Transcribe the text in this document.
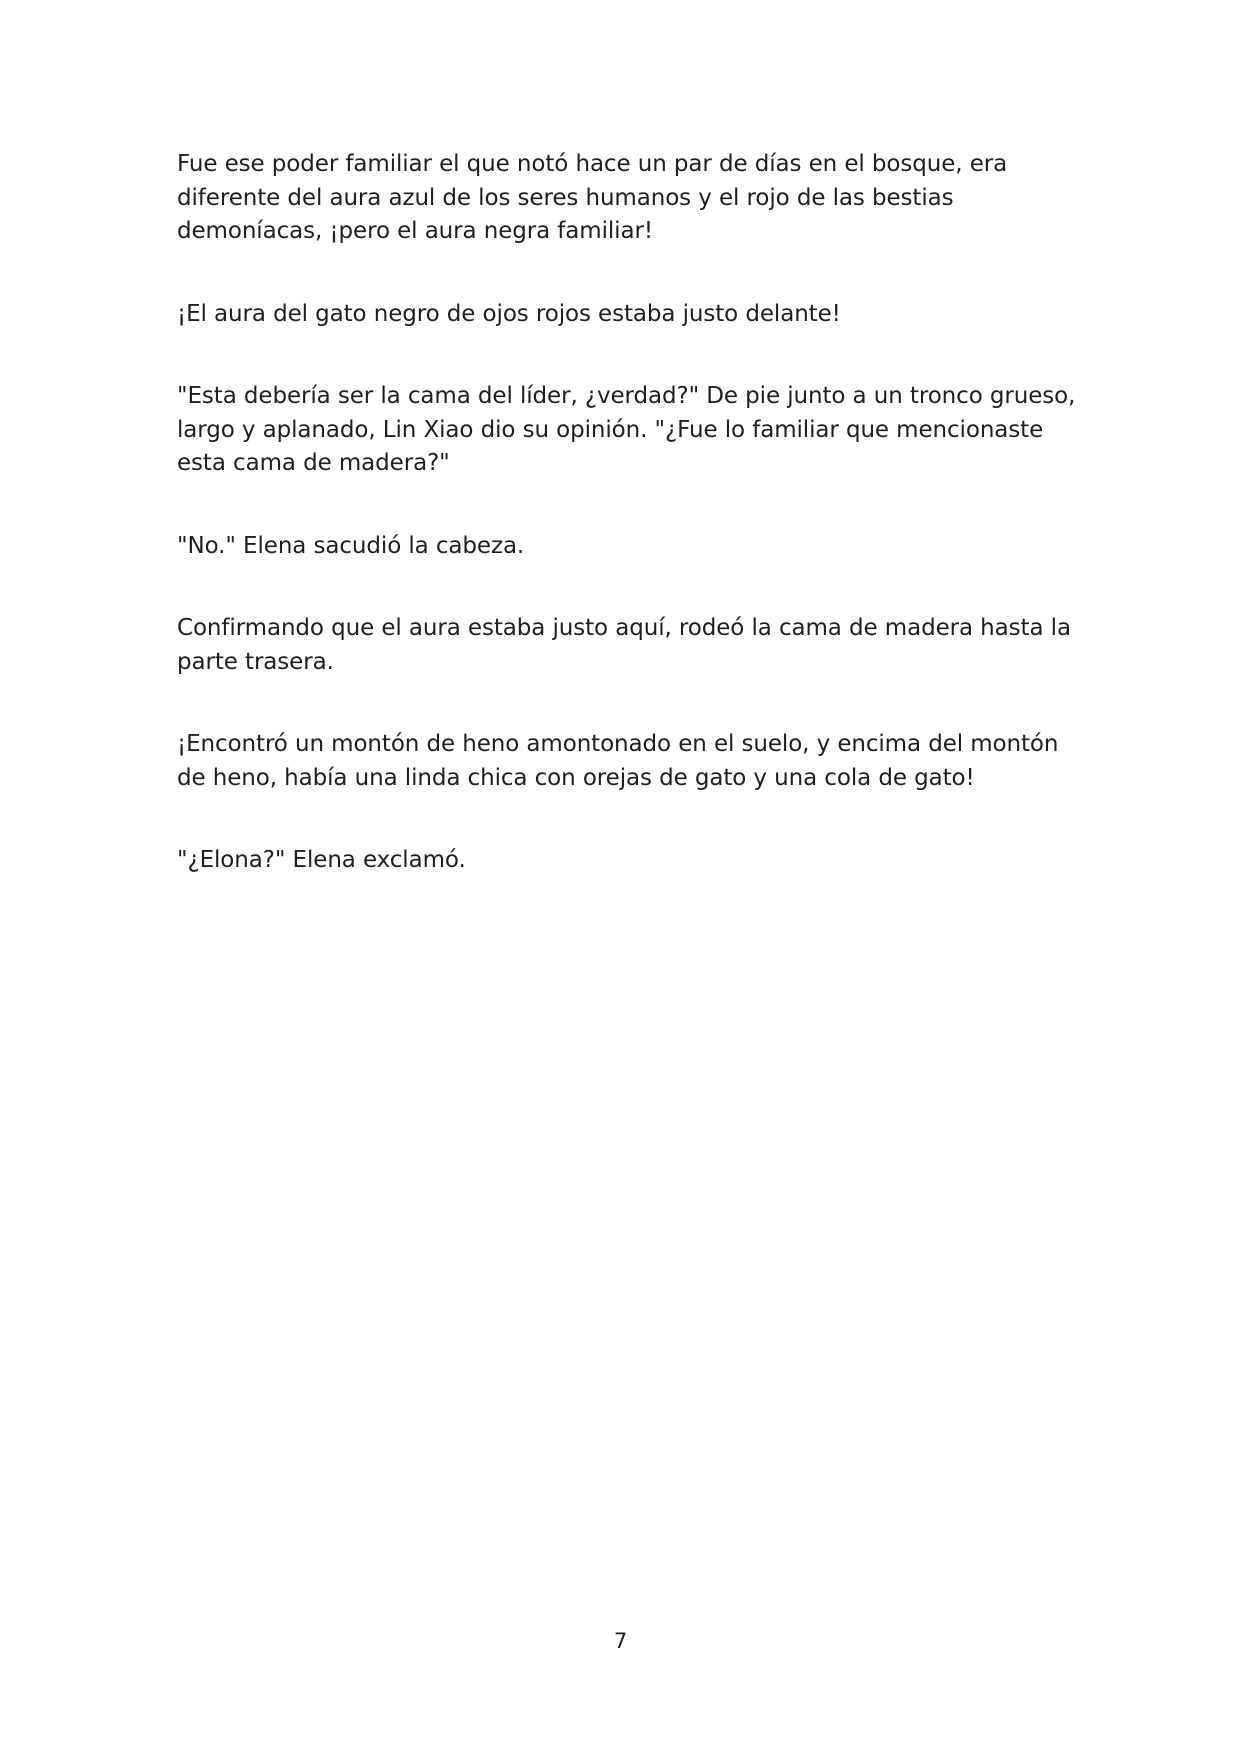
Fue ese poder familiar el que notó hace un par de días en el bosque, era diferente del aura azul de los seres humanos y el rojo de las bestias demoníacas, ¡pero el aura negra familiar!

¡El aura del gato negro de ojos rojos estaba justo delante!

"Esta debería ser la cama del líder, ¿verdad?" De pie junto a un tronco grueso, largo y aplanado, Lin Xiao dio su opinión. "¿Fue lo familiar que mencionaste esta cama de madera?"

"No." Elena sacudió la cabeza.

Confirmando que el aura estaba justo aquí, rodeó la cama de madera hasta la parte trasera.

¡Encontró un montón de heno amontonado en el suelo, y encima del montón de heno, había una linda chica con orejas de gato y una cola de gato!

"¿Elona?" Elena exclamó.

7
